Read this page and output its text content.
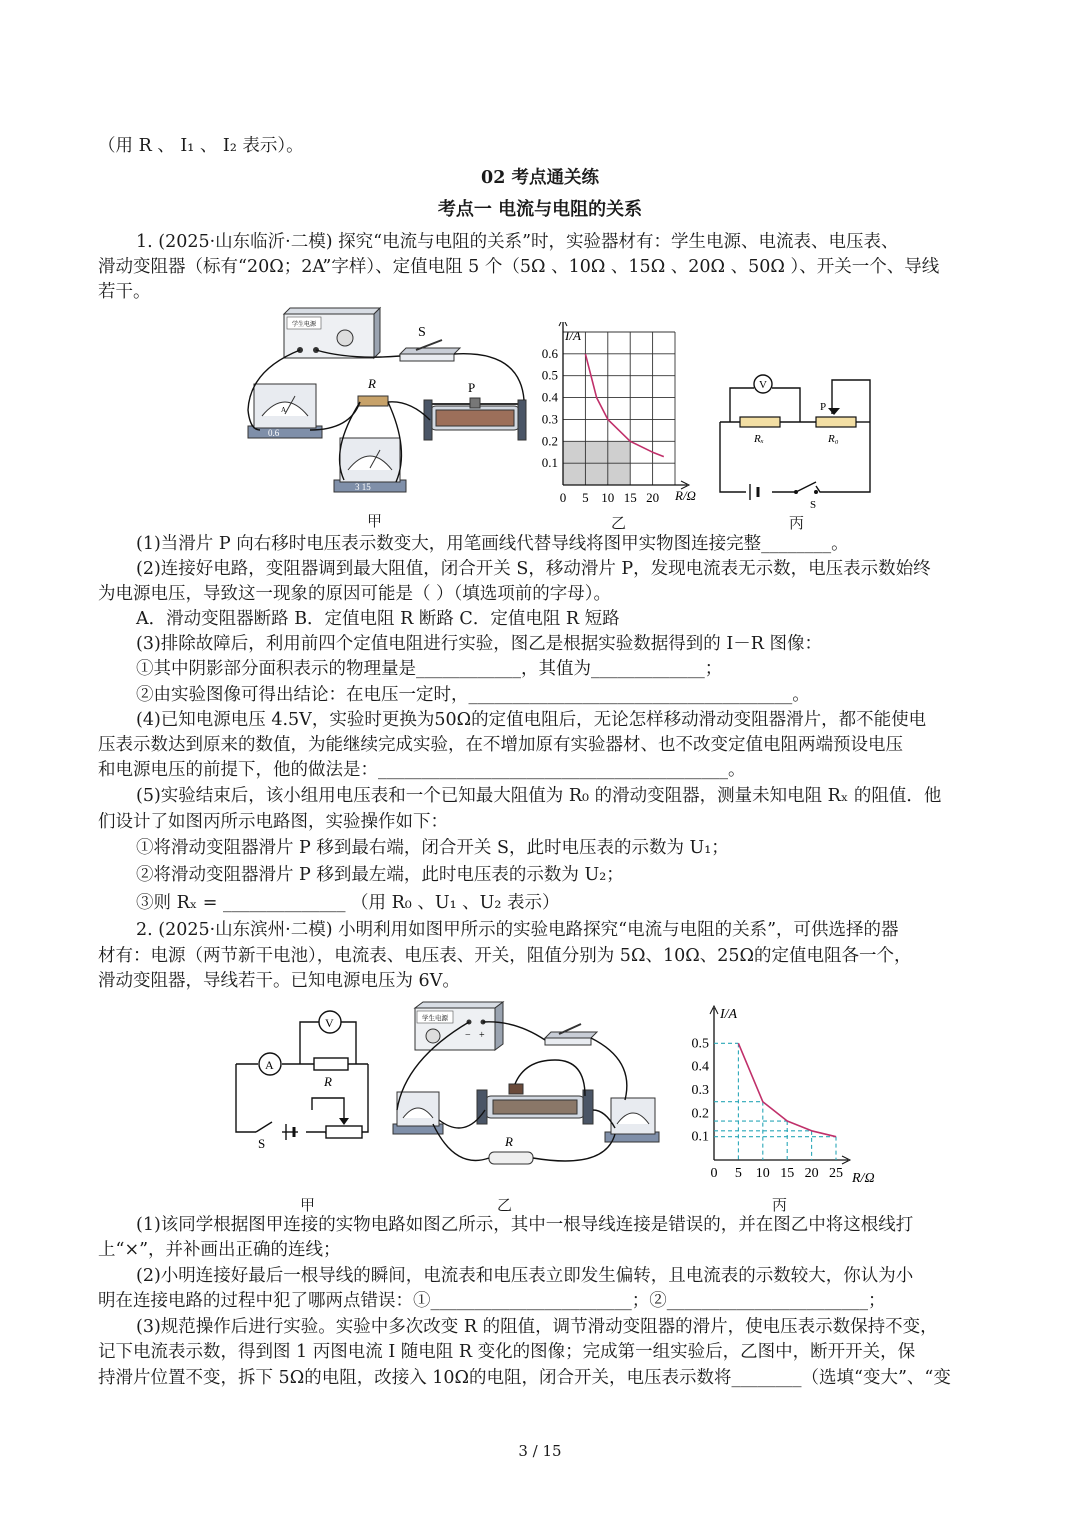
（用 R 、 I₁ 、 I₂ 表示）。
02 考点通关练
考点一 电流与电阻的关系
1. (2025·山东临沂·二模) 探究“电流与电阻的关系”时，实验器材有：学生电源、电流表、电压表、
滑动变阻器（标有“20Ω；2A”字样）、定值电阻 5 个（5Ω 、10Ω 、15Ω 、20Ω 、50Ω ）、开关一个、导线
若干。
(1)当滑片 P 向右移时电压表示数变大，用笔画线代替导线将图甲实物图连接完整________。
(2)连接好电路，变阻器调到最大阻值，闭合开关 S，移动滑片 P，发现电流表无示数，电压表示数始终
为电源电压，导致这一现象的原因可能是（ ）（填选项前的字母）。
A．滑动变阻器断路 B．定值电阻 R 断路 C．定值电阻 R 短路
(3)排除故障后，利用前四个定值电阻进行实验，图乙是根据实验数据得到的 I－R 图像：
①其中阴影部分面积表示的物理量是____________，其值为_____________；
②由实验图像可得出结论：在电压一定时，_____________________________________。
(4)已知电源电压 4.5V，实验时更换为50Ω的定值电阻后，无论怎样移动滑动变阻器滑片，都不能使电
压表示数达到原来的数值，为能继续完成实验，在不增加原有实验器材、也不改变定值电阻两端预设电压
和电源电压的前提下，他的做法是：________________________________________。
(5)实验结束后，该小组用电压表和一个已知最大阻值为 R₀ 的滑动变阻器，测量未知电阻 Rₓ 的阻值．他
们设计了如图丙所示电路图，实验操作如下：
①将滑动变阻器滑片 P 移到最右端，闭合开关 S，此时电压表的示数为 U₁；
②将滑动变阻器滑片 P 移到最左端，此时电压表的示数为 U₂；
③则 Rₓ = ______________ （用 R₀ 、U₁ 、U₂ 表示）
2. (2025·山东滨州·二模) 小明利用如图甲所示的实验电路探究“电流与电阻的关系”，可供选择的器
材有：电源（两节新干电池），电流表、电压表、开关，阻值分别为 5Ω、10Ω、25Ω的定值电阻各一个，
滑动变阻器，导线若干。已知电源电压为 6V。
(1)该同学根据图甲连接的实物电路如图乙所示，其中一根导线连接是错误的，并在图乙中将这根线打
上“×”，并补画出正确的连线；
(2)小明连接好最后一根导线的瞬间，电流表和电压表立即发生偏转，且电流表的示数较大，你认为小
明在连接电路的过程中犯了哪两点错误：①_______________________；②_______________________；
(3)规范操作后进行实验。实验中多次改变 R 的阻值，调节滑动变阻器的滑片，使电压表示数保持不变，
记下电流表示数，得到图 1 丙图电流 I 随电阻 R 变化的图像；完成第一组实验后，乙图中，断开开关，保
持滑片位置不变，拆下 5Ω的电阻，改接入 10Ω的电阻，闭合开关，电压表示数将________（选填“变大”、“变
学生电源	S
A
0.6
R	P
3 15
甲
I/A
R/Ω
0 5 10 15 20
0.1
0.2
0.3
0.4
0.5
0.6
乙
V
P
Rₓ	R₀
S
丙
A
V
R
S
甲
学生电源
− +
R
乙
I/A
R/Ω
0 5 10 15 20 25
0.1
0.2
0.3
0.4
0.5
丙
3 / 15
